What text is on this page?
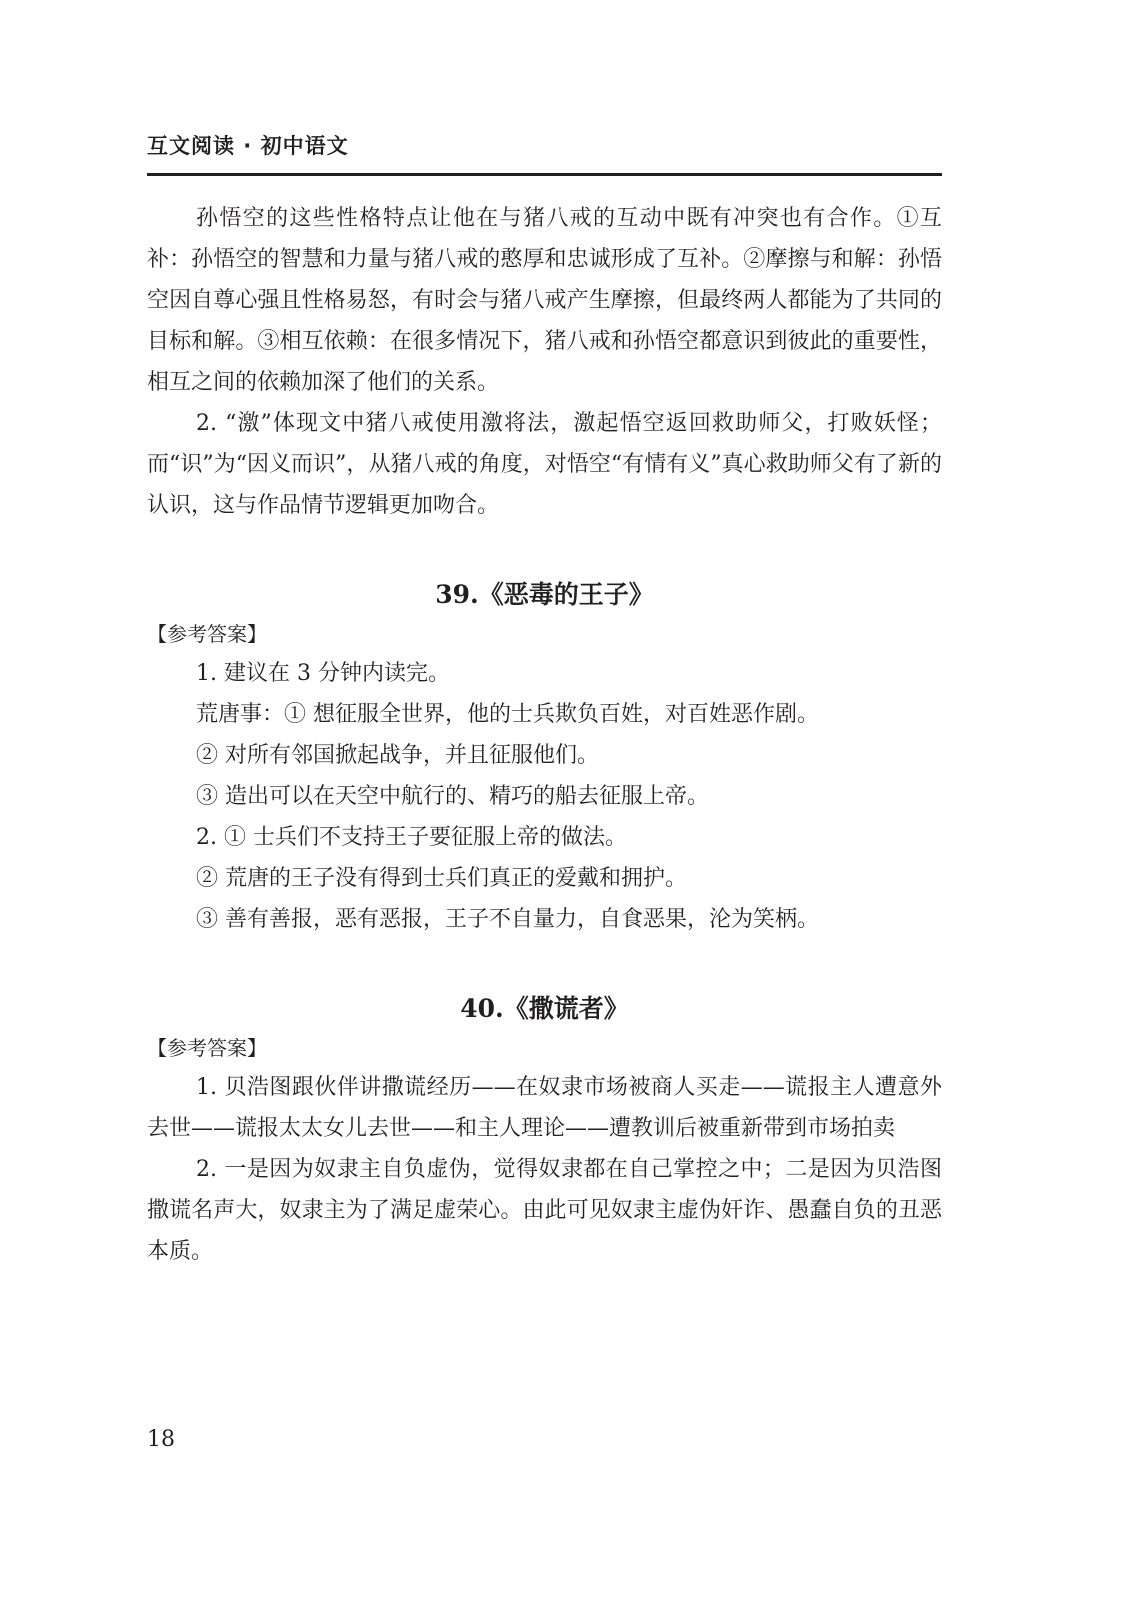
互文阅读 · 初中语文

孙悟空的这些性格特点让他在与猪八戒的互动中既有冲突也有合作。①互补：孙悟空的智慧和力量与猪八戒的憨厚和忠诚形成了互补。②摩擦与和解：孙悟空因自尊心强且性格易怒，有时会与猪八戒产生摩擦，但最终两人都能为了共同的目标和解。③相互依赖：在很多情况下，猪八戒和孙悟空都意识到彼此的重要性，相互之间的依赖加深了他们的关系。

2. “激”体现文中猪八戒使用激将法，激起悟空返回救助师父，打败妖怪；而“识”为“因义而识”，从猪八戒的角度，对悟空“有情有义”真心救助师父有了新的认识，这与作品情节逻辑更加吻合。

39.《恶毒的王子》
【参考答案】

1. 建议在 3 分钟内读完。

荒唐事：① 想征服全世界，他的士兵欺负百姓，对百姓恶作剧。

② 对所有邻国掀起战争，并且征服他们。

③ 造出可以在天空中航行的、精巧的船去征服上帝。

2. ① 士兵们不支持王子要征服上帝的做法。

② 荒唐的王子没有得到士兵们真正的爱戴和拥护。

③ 善有善报，恶有恶报，王子不自量力，自食恶果，沦为笑柄。

40.《撒谎者》
【参考答案】

1. 贝浩图跟伙伴讲撒谎经历——在奴隶市场被商人买走——谎报主人遭意外去世——谎报太太女儿去世——和主人理论——遭教训后被重新带到市场拍卖

2. 一是因为奴隶主自负虚伪，觉得奴隶都在自己掌控之中；二是因为贝浩图撒谎名声大，奴隶主为了满足虚荣心。由此可见奴隶主虚伪奸诈、愚蠢自负的丑恶本质。

18
